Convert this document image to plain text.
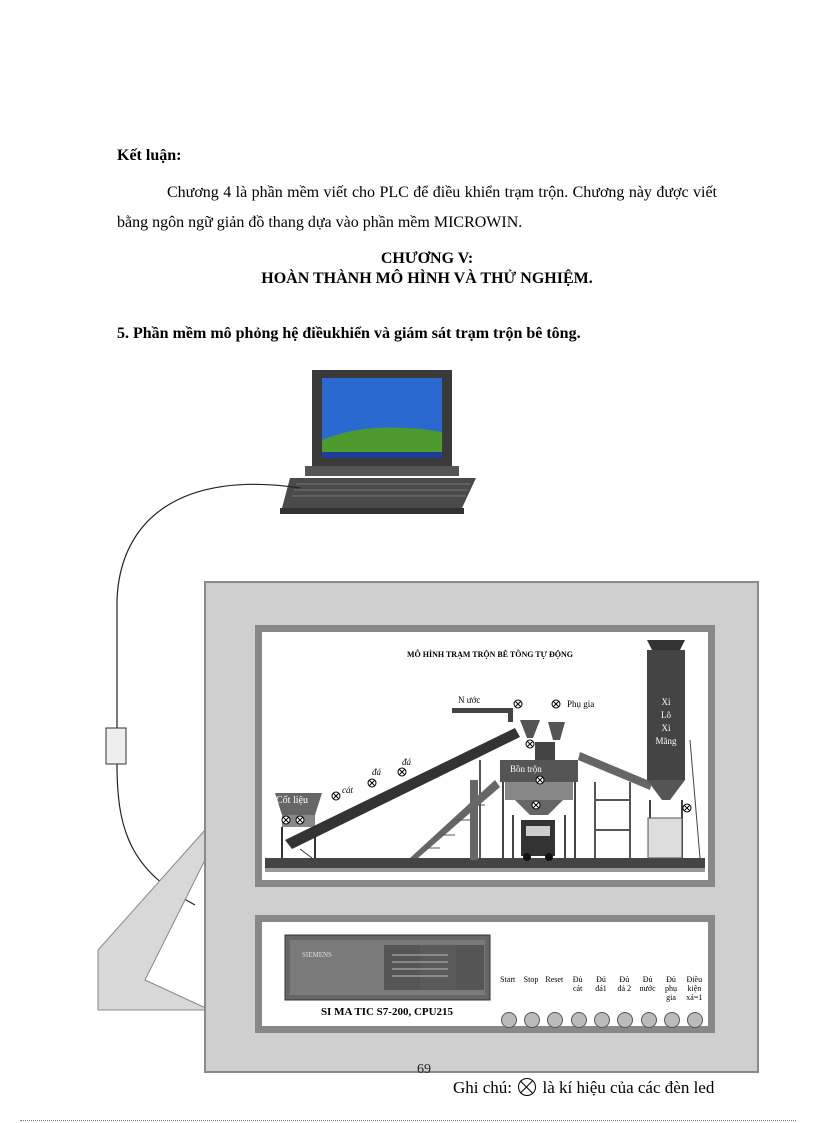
Kết luận:
Chương 4 là phần mềm viết cho PLC để điều khiển trạm trộn. Chương này được viết bằng ngôn ngữ giản đồ thang dựa vào phần mềm MICROWIN.
CHƯƠNG V:
HOÀN THÀNH MÔ HÌNH VÀ THỬ NGHIỆM.
5. Phần mềm mô phỏng hệ điềukhiển và giám sát trạm trộn bê tông.
MÔ HÌNH TRẠM TRỘN BÊ TÔNG TỰ ĐỘNG
N ước	Phụ gia
Đá Cát
Bồn trộn
Cốt liệu
cát
đá
đá
Xi
Lô
Xi
Măng
SIEMENS
SI MA TIC S7-200, CPU215
Start	Stop Reset	Đủ
cát
Đủ
đá1
Đủ
đá 2
Đủ
nước
Đủ
phụ gia
Điều
kiện xả=1
69
Ghi chú: là kí hiệu của các đèn led
